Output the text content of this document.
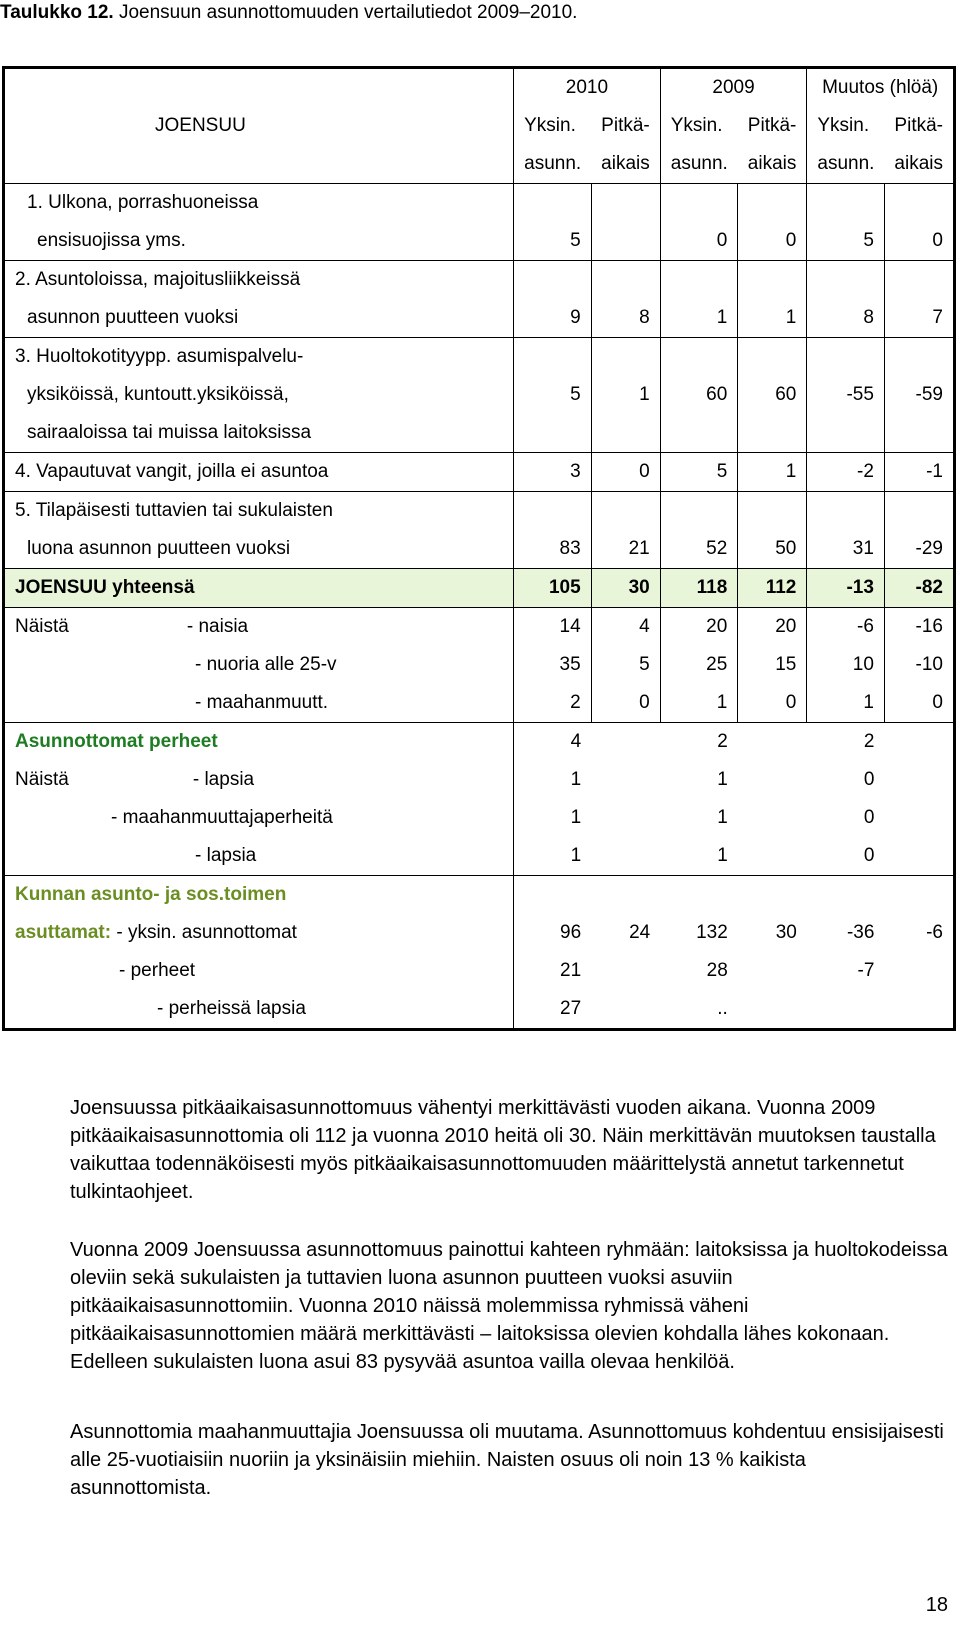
Taulukko 12. Joensuun asunnottomuuden vertailutiedot 2009–2010.
	2010		2009		Muutos (hlöä)	
JOENSUU	Yksin.	Pitkä-	Yksin.	Pitkä-	Yksin.	Pitkä-
	asunn.	aikais	asunn.	aikais	asunn.	aikais
1. Ulkona, porrashuoneissa						
ensisuojissa yms.	5		0	0	5	0
2. Asuntoloissa, majoitusliikkeissä						
asunnon puutteen vuoksi	9	8	1	1	8	7
3. Huoltokotityypp. asumispalvelu-						
yksiköissä, kuntoutt.yksiköissä,	5	1	60	60	-55	-59
sairaaloissa tai muissa laitoksissa						
4. Vapautuvat vangit, joilla ei asuntoa	3	0	5	1	-2	-1
5. Tilapäisesti tuttavien tai sukulaisten						
luona asunnon puutteen vuoksi	83	21	52	50	31	-29
JOENSUU yhteensä	105	30	118	112	-13	-82
Näistä - naisia	14	4	20	20	-6	-16
- nuoria alle 25-v	35	5	25	15	10	-10
- maahanmuutt.	2	0	1	0	1	0
Asunnottomat perheet	4		2		2	
Näistä - lapsia	1		1		0	
- maahanmuuttajaperheitä	1		1		0	
- lapsia	1		1		0	
Kunnan asunto- ja sos.toimen						
asuttamat: - yksin. asunnottomat	96	24	132	30	-36	-6
- perheet	21		28		-7	
- perheissä lapsia	27		..			

Joensuussa pitkäaikaisasunnottomuus vähentyi merkittävästi vuoden aikana. Vuonna 2009 pitkäaikaisasunnottomia oli 112 ja vuonna 2010 heitä oli 30. Näin merkittävän muutoksen taustalla vaikuttaa todennäköisesti myös pitkäaikaisasunnottomuuden määrittelystä annetut tarkennetut tulkintaohjeet.

Vuonna 2009 Joensuussa asunnottomuus painottui kahteen ryhmään: laitoksissa ja huoltokodeissa oleviin sekä sukulaisten ja tuttavien luona asunnon puutteen vuoksi asuviin pitkäaikaisasunnottomiin. Vuonna 2010 näissä molemmissa ryhmissä väheni pitkäaikaisasunnottomien määrä merkittävästi – laitoksissa olevien kohdalla lähes kokonaan. Edelleen sukulaisten luona asui 83 pysyvää asuntoa vailla olevaa henkilöä.

Asunnottomia maahanmuuttajia Joensuussa oli muutama. Asunnottomuus kohdentuu ensisijaisesti alle 25-vuotiaisiin nuoriin ja yksinäisiin miehiin. Naisten osuus oli noin 13 % kaikista asunnottomista.

18
